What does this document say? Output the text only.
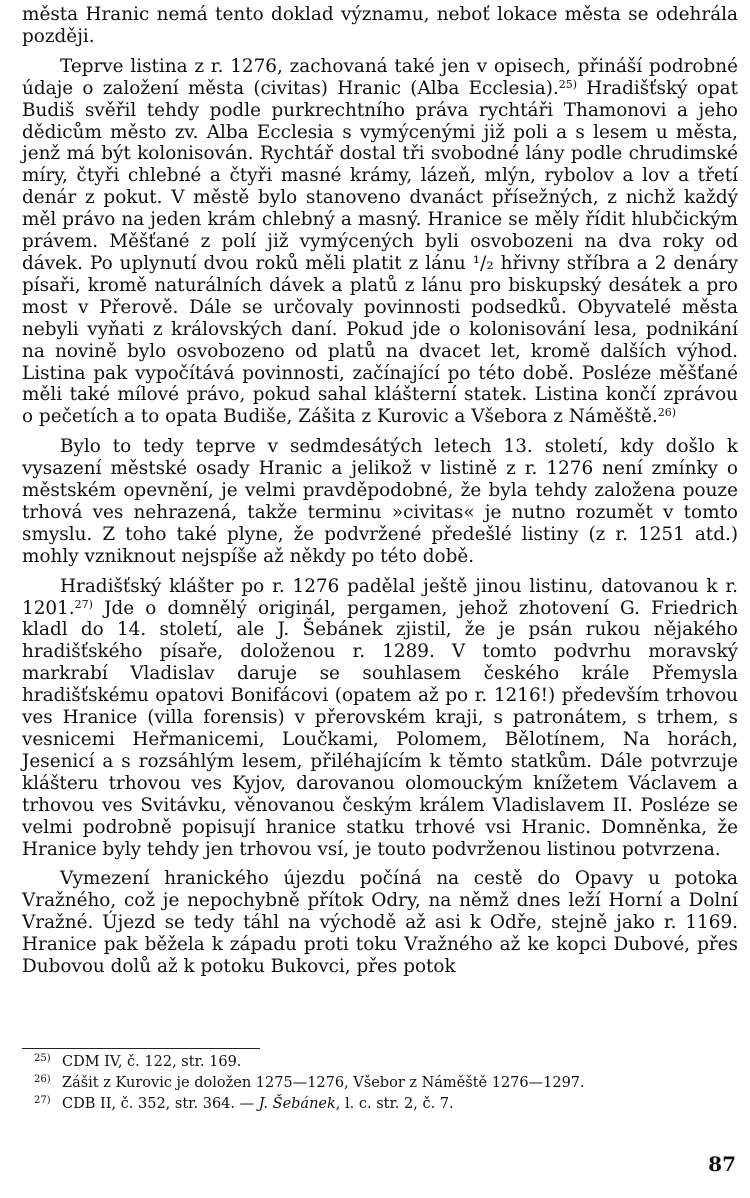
města Hranic nemá tento doklad významu, neboť lokace města se odehrála později.

Teprve listina z r. 1276, zachovaná také jen v opisech, přináší podrobné údaje o založení města (civitas) Hranic (Alba Ecclesia).$^{25)}$ Hradišťský opat Budiš svěřil tehdy podle purkrechtního práva rychtáři Thamonovi a jeho dědicům město zv. Alba Ecclesia s vymýcenými již poli a s lesem u města, jenž má být kolonisován. Rychtář dostal tři svobodné lány podle chrudimské míry, čtyři chlebné a čtyři masné krámy, lázeň, mlýn, rybolov a lov a třetí denár z pokut. V městě bylo stanoveno dvanáct přísežných, z nichž každý měl právo na jeden krám chlebný a masný. Hranice se měly řídit hlubčickým právem. Měšťané z polí již vymýcených byli osvobozeni na dva roky od dávek. Po uplynutí dvou roků měli platit z lánu ¹/₂ hřivny stříbra a 2 denáry písaři, kromě naturálních dávek a platů z lánu pro biskupský desátek a pro most v Přerově. Dále se určovaly povinnosti podsedků. Obyvatelé města nebyli vyňati z královských daní. Pokud jde o kolonisování lesa, podnikání na novině bylo osvobozeno od platů na dvacet let, kromě dalších výhod. Listina pak vypočítává povinnosti, začínající po této době. Posléze měšťané měli také mílové právo, pokud sahal klášterní statek. Listina končí zprávou o pečetích a to opata Budiše, Zášita z Kurovic a Všebora z Náměště.$^{26)}$

Bylo to tedy teprve v sedmdesátých letech 13. století, kdy došlo k vysazení městské osady Hranic a jelikož v listině z r. 1276 není zmínky o městském opevnění, je velmi pravděpodobné, že byla tehdy založena pouze trhová ves nehrazená, takže terminu »civitas« je nutno rozumět v tomto smyslu. Z toho také plyne, že podvržené předešlé listiny (z r. 1251 atd.) mohly vzniknout nejspíše až někdy po této době.

Hradišťský klášter po r. 1276 padělal ještě jinou listinu, datovanou k r. 1201.$^{27)}$ Jde o domnělý originál, pergamen, jehož zhotovení G. Friedrich kladl do 14. století, ale J. Šebánek zjistil, že je psán rukou nějakého hradišťského písaře, doloženou r. 1289. V tomto podvrhu moravský markrabí Vladislav daruje se souhlasem českého krále Přemysla hradišťskému opatovi Bonifácovi (opatem až po r. 1216!) především trhovou ves Hranice (villa forensis) v přerovském kraji, s patronátem, s trhem, s vesnicemi Heřmanicemi, Loučkami, Polomem, Bělotínem, Na horách, Jesenicí a s rozsáhlým lesem, přiléhajícím k těmto statkům. Dále potvrzuje klášteru trhovou ves Kyjov, darovanou olomouckým knížetem Václavem a trhovou ves Svitávku, věnovanou českým králem Vladislavem II. Posléze se velmi podrobně popisují hranice statku trhové vsi Hranic. Domněnka, že Hranice byly tehdy jen trhovou vsí, je touto podvrženou listinou potvrzena.

Vymezení hranického újezdu počíná na cestě do Opavy u potoka Vražného, což je nepochybně přítok Odry, na němž dnes leží Horní a Dolní Vražné. Újezd se tedy táhl na východě až asi k Odře, stejně jako r. 1169. Hranice pak běžela k západu proti toku Vražného až ke kopci Dubové, přes Dubovou dolů až k potoku Bukovci, přes potok

$^{25)}$ CDM IV, č. 122, str. 169.

$^{26)}$ Zášit z Kurovic je doložen 1275—1276, Všebor z Náměště 1276—1297.

$^{27)}$ CDB II, č. 352, str. 364. — J. Šebánek, l. c. str. 2, č. 7.

87
